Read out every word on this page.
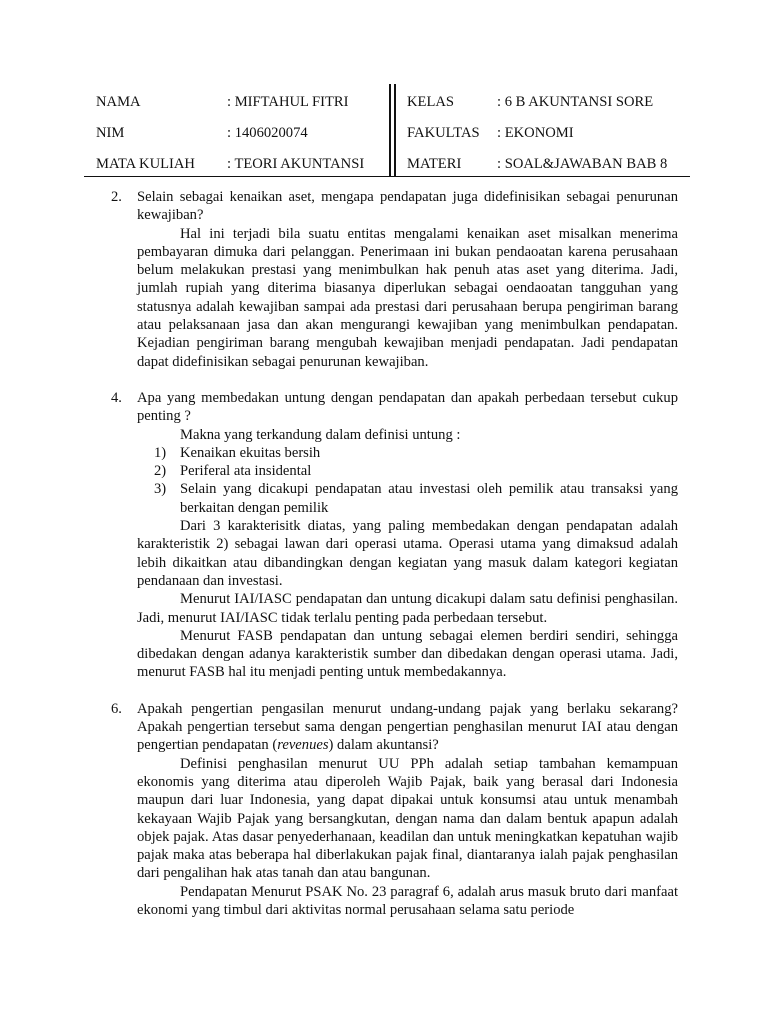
NAMA	: MIFTAHUL FITRI	KELAS	: 6 B AKUNTANSI SORE
NIM	: 1406020074	FAKULTAS : EKONOMI
MATA KULIAH : TEORI AKUNTANSI	MATERI : SOAL&JAWABAN BAB 8
2. Selain sebagai kenaikan aset, mengapa pendapatan juga didefinisikan sebagai penurunan kewajiban?
Hal ini terjadi bila suatu entitas mengalami kenaikan aset misalkan menerima pembayaran dimuka dari pelanggan. Penerimaan ini bukan pendaoatan karena perusahaan belum melakukan prestasi yang menimbulkan hak penuh atas aset yang diterima. Jadi, jumlah rupiah yang diterima biasanya diperlukan sebagai oendaoatan tangguhan yang statusnya adalah kewajiban sampai ada prestasi dari perusahaan berupa pengiriman barang atau pelaksanaan jasa dan akan mengurangi kewajiban yang menimbulkan pendapatan. Kejadian pengiriman barang mengubah kewajiban menjadi pendapatan. Jadi pendapatan dapat didefinisikan sebagai penurunan kewajiban.
4. Apa yang membedakan untung dengan pendapatan dan apakah perbedaan tersebut cukup penting ?
Makna yang terkandung dalam definisi untung :
1) Kenaikan ekuitas bersih
2) Periferal ata insidental
3) Selain yang dicakupi pendapatan atau investasi oleh pemilik atau transaksi yang berkaitan dengan pemilik
Dari 3 karakterisitk diatas, yang paling membedakan dengan pendapatan adalah karakteristik 2) sebagai lawan dari operasi utama. Operasi utama yang dimaksud adalah lebih dikaitkan atau dibandingkan dengan kegiatan yang masuk dalam kategori kegiatan pendanaan dan investasi.
Menurut IAI/IASC pendapatan dan untung dicakupi dalam satu definisi penghasilan. Jadi, menurut IAI/IASC tidak terlalu penting pada perbedaan tersebut.
Menurut FASB pendapatan dan untung sebagai elemen berdiri sendiri, sehingga dibedakan dengan adanya karakteristik sumber dan dibedakan dengan operasi utama. Jadi, menurut FASB hal itu menjadi penting untuk membedakannya.
6. Apakah pengertian pengasilan menurut undang-undang pajak yang berlaku sekarang? Apakah pengertian tersebut sama dengan pengertian penghasilan menurut IAI atau dengan pengertian pendapatan (revenues) dalam akuntansi?
Definisi penghasilan menurut UU PPh adalah setiap tambahan kemampuan ekonomis yang diterima atau diperoleh Wajib Pajak, baik yang berasal dari Indonesia maupun dari luar Indonesia, yang dapat dipakai untuk konsumsi atau untuk menambah kekayaan Wajib Pajak yang bersangkutan, dengan nama dan dalam bentuk apapun adalah objek pajak. Atas dasar penyederhanaan, keadilan dan untuk meningkatkan kepatuhan wajib pajak maka atas beberapa hal diberlakukan pajak final, diantaranya ialah pajak penghasilan dari pengalihan hak atas tanah dan atau bangunan.
Pendapatan Menurut PSAK No. 23 paragraf 6, adalah arus masuk bruto dari manfaat ekonomi yang timbul dari aktivitas normal perusahaan selama satu periode
